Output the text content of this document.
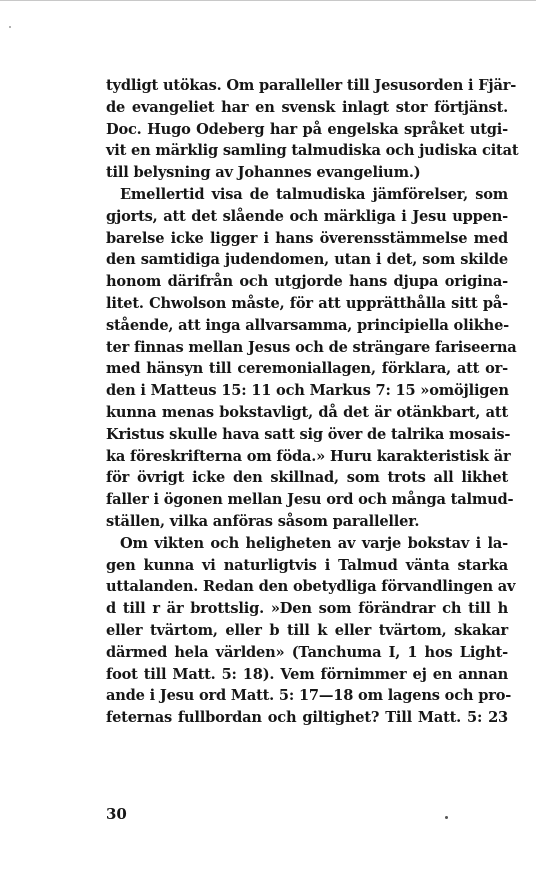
tydligt utökas. Om paralleller till Jesusorden i Fjär-
de evangeliet har en svensk inlagt stor förtjänst.
Doc. Hugo Odeberg har på engelska språket utgi-
vit en märklig samling talmudiska och judiska citat
till belysning av Johannes evangelium.)
Emellertid visa de talmudiska jämförelser, som
gjorts, att det slående och märkliga i Jesu uppen-
barelse icke ligger i hans överensstämmelse med
den samtidiga judendomen, utan i det, som skilde
honom därifrån och utgjorde hans djupa origina-
litet. Chwolson måste, för att upprätthålla sitt på-
stående, att inga allvarsamma, principiella olikhe-
ter finnas mellan Jesus och de strängare fariseerna
med hänsyn till ceremoniallagen, förklara, att or-
den i Matteus 15: 11 och Markus 7: 15 »omöjligen
kunna menas bokstavligt, då det är otänkbart, att
Kristus skulle hava satt sig över de talrika mosais-
ka föreskrifterna om föda.» Huru karakteristisk är
för övrigt icke den skillnad, som trots all likhet
faller i ögonen mellan Jesu ord och många talmud-
ställen, vilka anföras såsom paralleller.
Om vikten och heligheten av varje bokstav i la-
gen kunna vi naturligtvis i Talmud vänta starka
uttalanden. Redan den obetydliga förvandlingen av
d till r är brottslig. »Den som förändrar ch till h
eller tvärtom, eller b till k eller tvärtom, skakar
därmed hela världen» (Tanchuma I, 1 hos Light-
foot till Matt. 5: 18). Vem förnimmer ej en annan
ande i Jesu ord Matt. 5: 17—18 om lagens och pro-
feternas fullbordan och giltighet? Till Matt. 5: 23
30
